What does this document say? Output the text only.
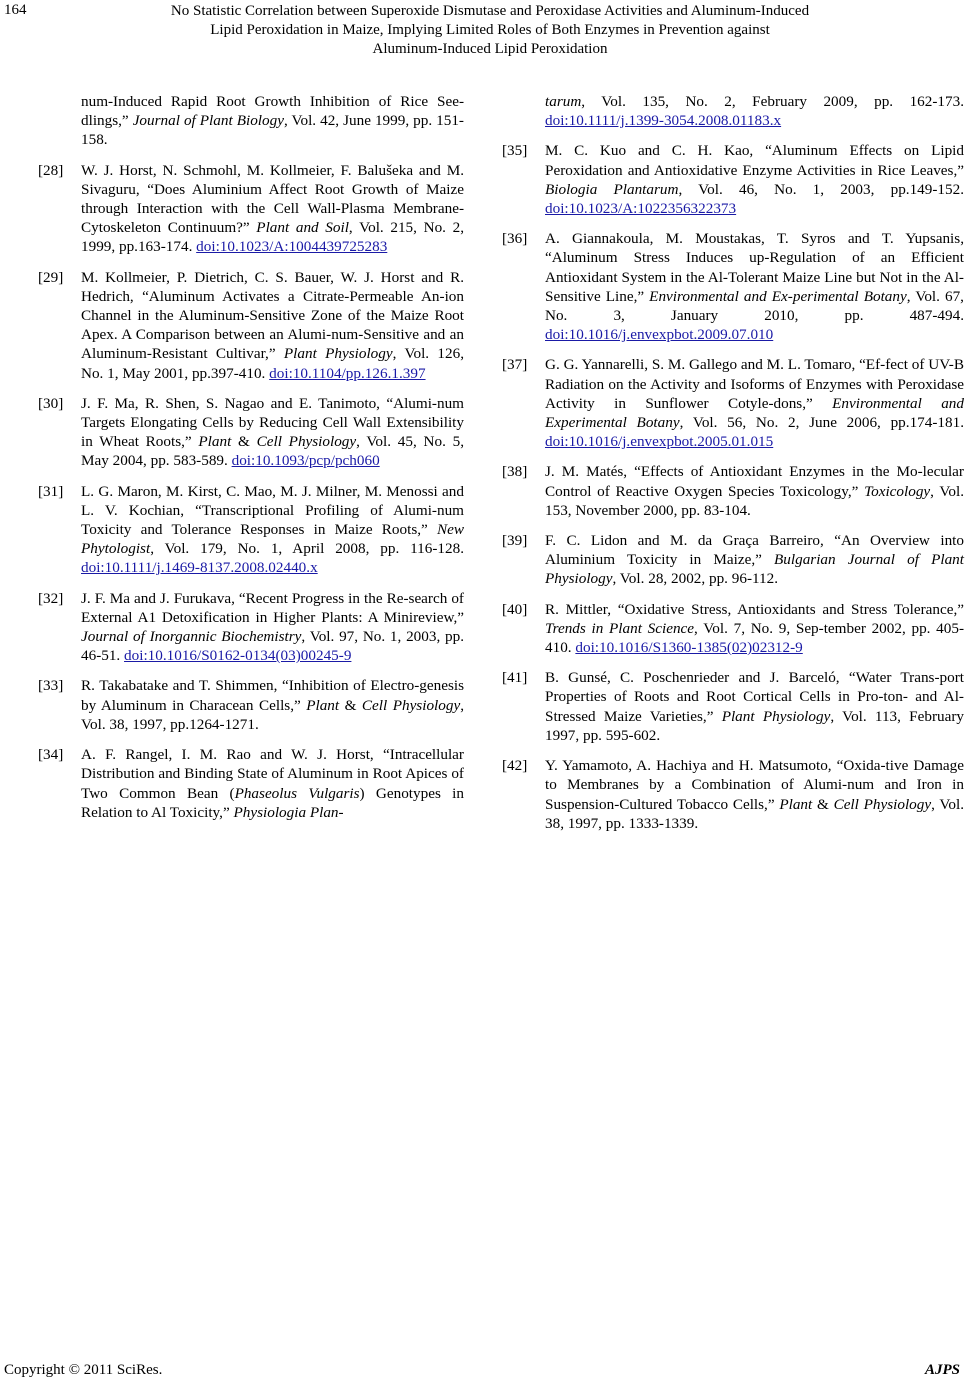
164	No Statistic Correlation between Superoxide Dismutase and Peroxidase Activities and Aluminum-Induced
Lipid Peroxidation in Maize, Implying Limited Roles of Both Enzymes in Prevention against
Aluminum-Induced Lipid Peroxidation
num-Induced Rapid Root Growth Inhibition of Rice See-dlings,” Journal of Plant Biology, Vol. 42, June 1999, pp. 151-158.
[28] W. J. Horst, N. Schmohl, M. Kollmeier, F. Balušeka and M. Sivaguru, “Does Aluminium Affect Root Growth of Maize through Interaction with the Cell Wall-Plasma Membrane-Cytoskeleton Continuum?” Plant and Soil, Vol. 215, No. 2, 1999, pp.163-174. doi:10.1023/A:1004439725283
[29] M. Kollmeier, P. Dietrich, C. S. Bauer, W. J. Horst and R. Hedrich, “Aluminum Activates a Citrate-Permeable An-ion Channel in the Aluminum-Sensitive Zone of the Maize Root Apex. A Comparison between an Alumi-num-Sensitive and an Aluminum-Resistant Cultivar,” Plant Physiology, Vol. 126, No. 1, May 2001, pp.397-410. doi:10.1104/pp.126.1.397
[30] J. F. Ma, R. Shen, S. Nagao and E. Tanimoto, “Alumi-num Targets Elongating Cells by Reducing Cell Wall Extensibility in Wheat Roots,” Plant & Cell Physiology, Vol. 45, No. 5, May 2004, pp. 583-589. doi:10.1093/pcp/pch060
[31] L. G. Maron, M. Kirst, C. Mao, M. J. Milner, M. Menossi and L. V. Kochian, “Transcriptional Profiling of Alumi-num Toxicity and Tolerance Responses in Maize Roots,” New Phytologist, Vol. 179, No. 1, April 2008, pp. 116-128. doi:10.1111/j.1469-8137.2008.02440.x
[32] J. F. Ma and J. Furukava, “Recent Progress in the Re-search of External A1 Detoxification in Higher Plants: A Minireview,” Journal of Inorgannic Biochemistry, Vol. 97, No. 1, 2003, pp. 46-51. doi:10.1016/S0162-0134(03)00245-9
[33] R. Takabatake and T. Shimmen, “Inhibition of Electro-genesis by Aluminum in Characean Cells,” Plant & Cell Physiology, Vol. 38, 1997, pp.1264-1271.
[34] A. F. Rangel, I. M. Rao and W. J. Horst, “Intracellular Distribution and Binding State of Aluminum in Root Apices of Two Common Bean (Phaseolus Vulgaris) Genotypes in Relation to Al Toxicity,” Physiologia Plan-
tarum, Vol. 135, No. 2, February 2009, pp. 162-173. doi:10.1111/j.1399-3054.2008.01183.x
[35] M. C. Kuo and C. H. Kao, “Aluminum Effects on Lipid Peroxidation and Antioxidative Enzyme Activities in Rice Leaves,” Biologia Plantarum, Vol. 46, No. 1, 2003, pp.149-152. doi:10.1023/A:1022356322373
[36] A. Giannakoula, M. Moustakas, T. Syros and T. Yupsanis, “Aluminum Stress Induces up-Regulation of an Efficient Antioxidant System in the Al-Tolerant Maize Line but Not in the Al-Sensitive Line,” Environmental and Ex-perimental Botany, Vol. 67, No. 3, January 2010, pp. 487-494. doi:10.1016/j.envexpbot.2009.07.010
[37] G. G. Yannarelli, S. M. Gallego and M. L. Tomaro, “Ef-fect of UV-B Radiation on the Activity and Isoforms of Enzymes with Peroxidase Activity in Sunflower Cotyle-dons,” Environmental and Experimental Botany, Vol. 56, No. 2, June 2006, pp.174-181. doi:10.1016/j.envexpbot.2005.01.015
[38] J. M. Matés, “Effects of Antioxidant Enzymes in the Mo-lecular Control of Reactive Oxygen Species Toxicology,” Toxicology, Vol. 153, November 2000, pp. 83-104.
[39] F. C. Lidon and M. da Graça Barreiro, “An Overview into Aluminium Toxicity in Maize,” Bulgarian Journal of Plant Physiology, Vol. 28, 2002, pp. 96-112.
[40] R. Mittler, “Oxidative Stress, Antioxidants and Stress Tolerance,” Trends in Plant Science, Vol. 7, No. 9, Sep-tember 2002, pp. 405-410. doi:10.1016/S1360-1385(02)02312-9
[41] B. Gunsé, C. Poschenrieder and J. Barceló, “Water Trans-port Properties of Roots and Root Cortical Cells in Pro-ton- and Al-Stressed Maize Varieties,” Plant Physiology, Vol. 113, February 1997, pp. 595-602.
[42] Y. Yamamoto, A. Hachiya and H. Matsumoto, “Oxida-tive Damage to Membranes by a Combination of Alumi-num and Iron in Suspension-Cultured Tobacco Cells,” Plant & Cell Physiology, Vol. 38, 1997, pp. 1333-1339.
Copyright © 2011 SciRes.	AJPS
